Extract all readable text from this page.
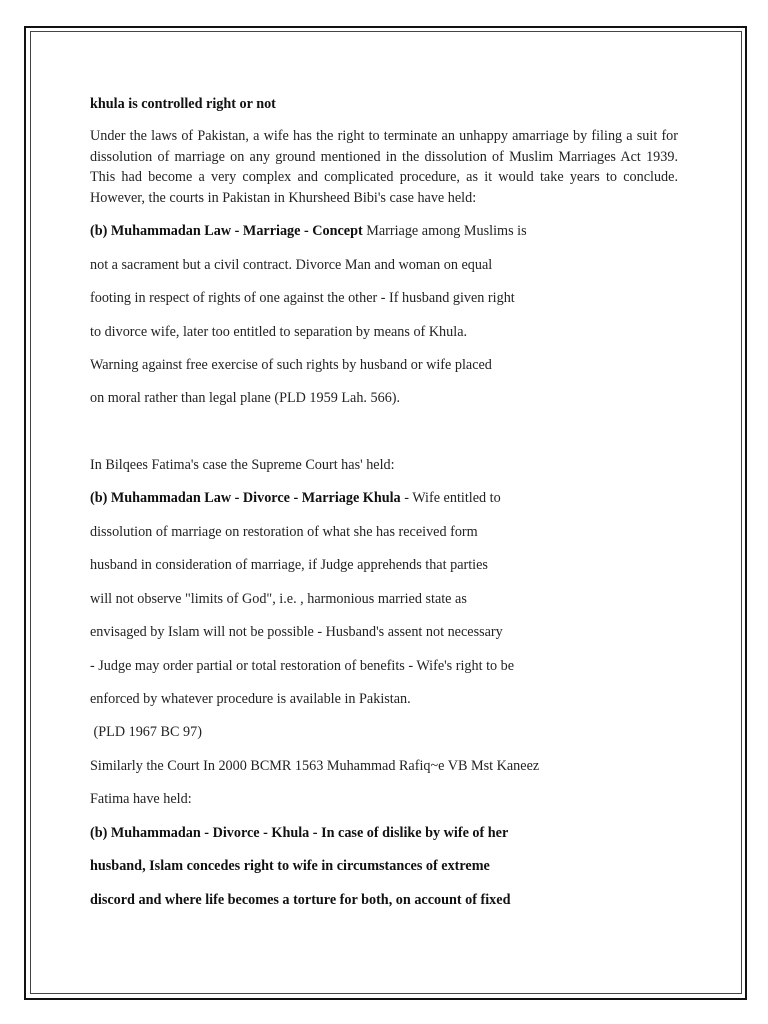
khula is controlled right or not
Under the laws of Pakistan, a wife has the right to terminate an unhappy amarriage by filing a suit for dissolution of marriage on any ground mentioned in the dissolution of Muslim Marriages Act 1939. This had become a very complex and complicated procedure, as it would take years to conclude. However, the courts in Pakistan in Khursheed Bibi's case have held:
(b) Muhammadan Law - Marriage - Concept Marriage among Muslims is
not a sacrament but a civil contract. Divorce Man and woman on equal
footing in respect of rights of one against the other - If husband given right
to divorce wife, later too entitled to separation by means of Khula.
Warning against free exercise of such rights by husband or wife placed
on moral rather than legal plane (PLD 1959 Lah. 566).
In Bilqees Fatima's case the Supreme Court has' held:
(b) Muhammadan Law - Divorce - Marriage Khula - Wife entitled to
dissolution of marriage on restoration of what she has received form
husband in consideration of marriage, if Judge apprehends that parties
will not observe "limits of God", i.e. , harmonious married state as
envisaged by Islam will not be possible - Husband's assent not necessary
- Judge may order partial or total restoration of benefits - Wife's right to be
enforced by whatever procedure is available in Pakistan.
(PLD 1967 BC 97)
Similarly the Court In 2000 BCMR 1563 Muhammad Rafiq~e VB Mst Kaneez
Fatima have held:
(b) Muhammadan - Divorce - Khula - In case of dislike by wife of her
husband, Islam concedes right to wife in circumstances of extreme
discord and where life becomes a torture for both, on account of fixed
